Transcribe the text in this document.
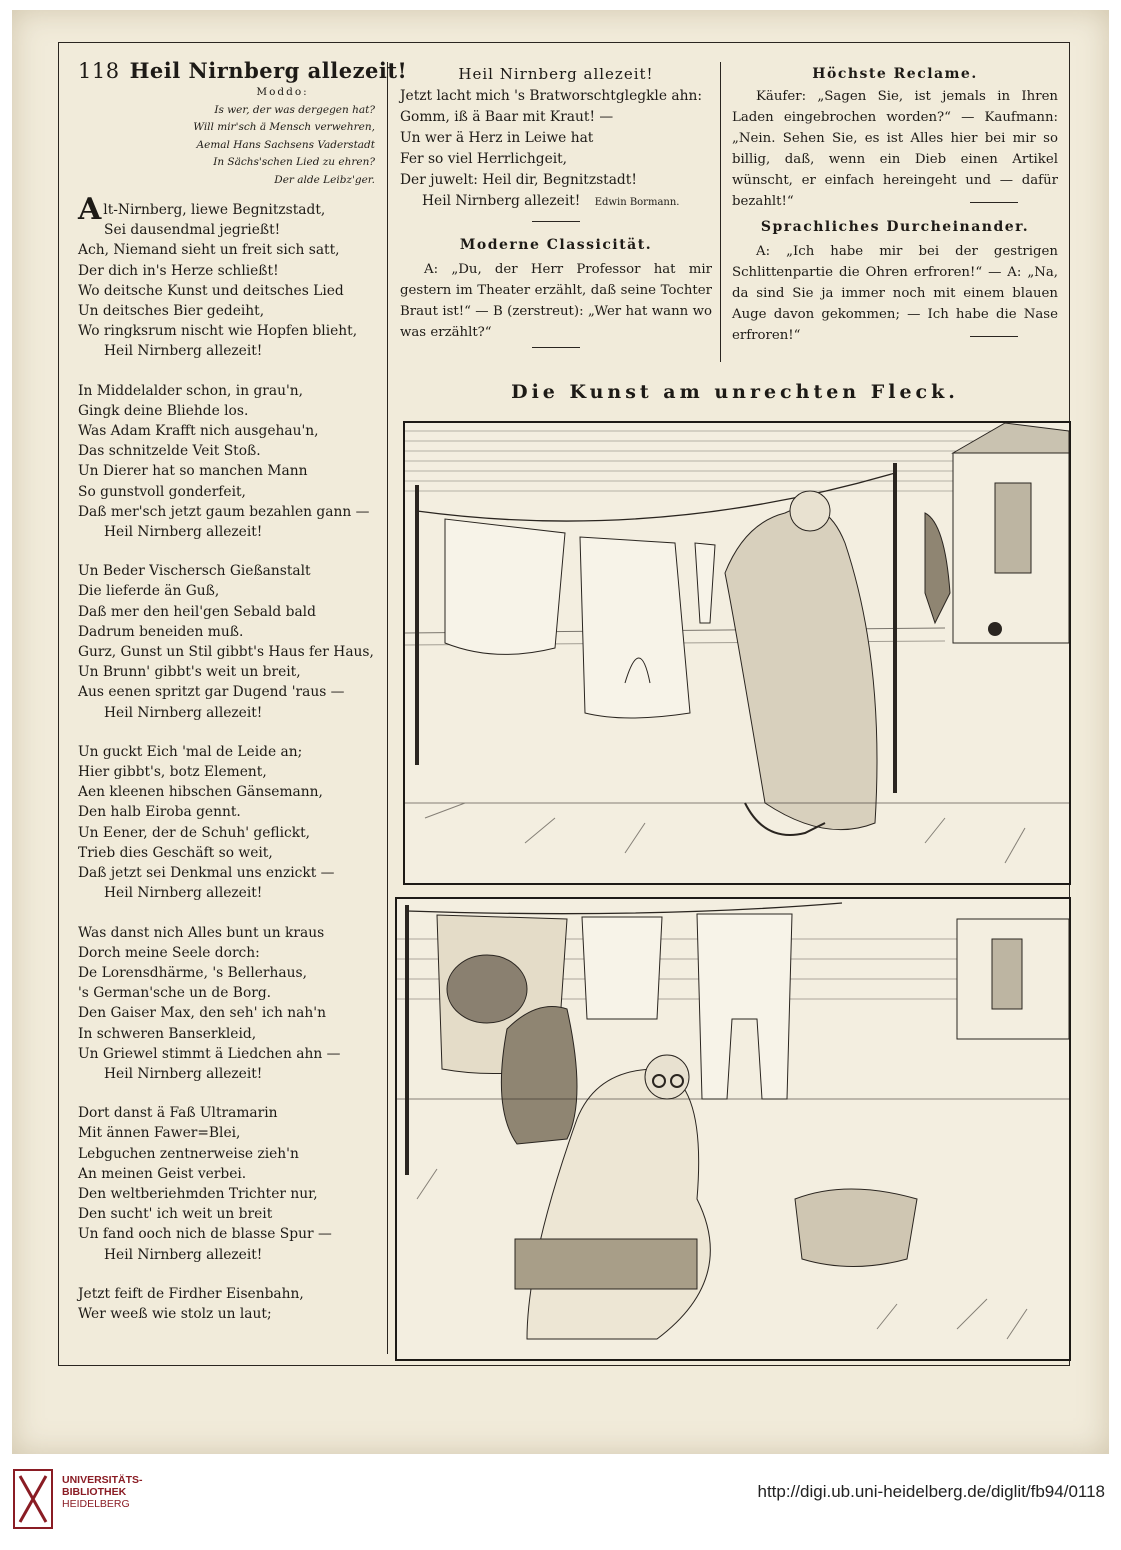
118 Heil Nirnberg allezeit!
Moddo:
Is wer, der was dergegen hat?
Will mir'sch ä Mensch verwehren,
Aemal Hans Sachsens Vaderstadt
In Sächs'schen Lied zu ehren?
Der alde Leibz'ger.
Alt-Nirnberg, liewe Begnitzstadt,
Sei dausendmal jegrießt!
Ach, Niemand sieht un freit sich satt,
Der dich in's Herze schließt!
Wo deitsche Kunst und deitsches Lied
Un deitsches Bier gedeiht,
Wo ringksrum nischt wie Hopfen blieht,
Heil Nirnberg allezeit!
In Middelalder schon, in grau'n,
Gingk deine Bliehde los.
Was Adam Krafft nich ausgehau'n,
Das schnitzelde Veit Stoß.
Un Dierer hat so manchen Mann
So gunstvoll gonderfeit,
Daß mer'sch jetzt gaum bezahlen gann —
Heil Nirnberg allezeit!
Un Beder Vischersch Gießanstalt
Die lieferde än Guß,
Daß mer den heil'gen Sebald bald
Dadrum beneiden muß.
Gurz, Gunst un Stil gibbt's Haus fer Haus,
Un Brunn' gibbt's weit un breit,
Aus eenen spritzt gar Dugend 'raus —
Heil Nirnberg allezeit!
Un guckt Eich 'mal de Leide an;
Hier gibbt's, botz Element,
Aen kleenen hibschen Gänsemann,
Den halb Eiroba gennt.
Un Eener, der de Schuh' geflickt,
Trieb dies Geschäft so weit,
Daß jetzt sei Denkmal uns enzickt —
Heil Nirnberg allezeit!
Was danst nich Alles bunt un kraus
Dorch meine Seele dorch:
De Lorensdhärme, 's Bellerhaus,
's German'sche un de Borg.
Den Gaiser Max, den seh' ich nah'n
In schweren Banserkleid,
Un Griewel stimmt ä Liedchen ahn —
Heil Nirnberg allezeit!
Dort danst ä Faß Ultramarin
Mit ännen Fawer=Blei,
Lebguchen zentnerweise zieh'n
An meinen Geist verbei.
Den weltberiehmden Trichter nur,
Den sucht' ich weit un breit
Un fand ooch nich de blasse Spur —
Heil Nirnberg allezeit!
Jetzt feift de Firdher Eisenbahn,
Wer weeß wie stolz un laut;
Heil Nirnberg allezeit!
Jetzt lacht mich 's Bratworschtglegkle ahn:
Gomm, iß ä Baar mit Kraut! —
Un wer ä Herz in Leiwe hat
Fer so viel Herrlichgeit,
Der juwelt: Heil dir, Begnitzstadt!
Heil Nirnberg allezeit! Edwin Bormann.
Moderne Classicität.
A: „Du, der Herr Professor hat mir gestern im Theater erzählt, daß seine Tochter Braut ist!“ — B (zerstreut): „Wer hat wann wo was erzählt?“
Höchste Reclame.
Käufer: „Sagen Sie, ist jemals in Ihren Laden eingebrochen worden?“ — Kaufmann: „Nein. Sehen Sie, es ist Alles hier bei mir so billig, daß, wenn ein Dieb einen Artikel wünscht, er einfach hereingeht und — dafür bezahlt!“
Sprachliches Durcheinander.
A: „Ich habe mir bei der gestrigen Schlittenpartie die Ohren erfroren!“ — A: „Na, da sind Sie ja immer noch mit einem blauen Auge davon gekommen; — Ich habe die Nase erfroren!“
Die Kunst am unrechten Fleck.
UNIVERSITÄTS-
BIBLIOTHEK
HEIDELBERG
http://digi.ub.uni-heidelberg.de/diglit/fb94/0118
